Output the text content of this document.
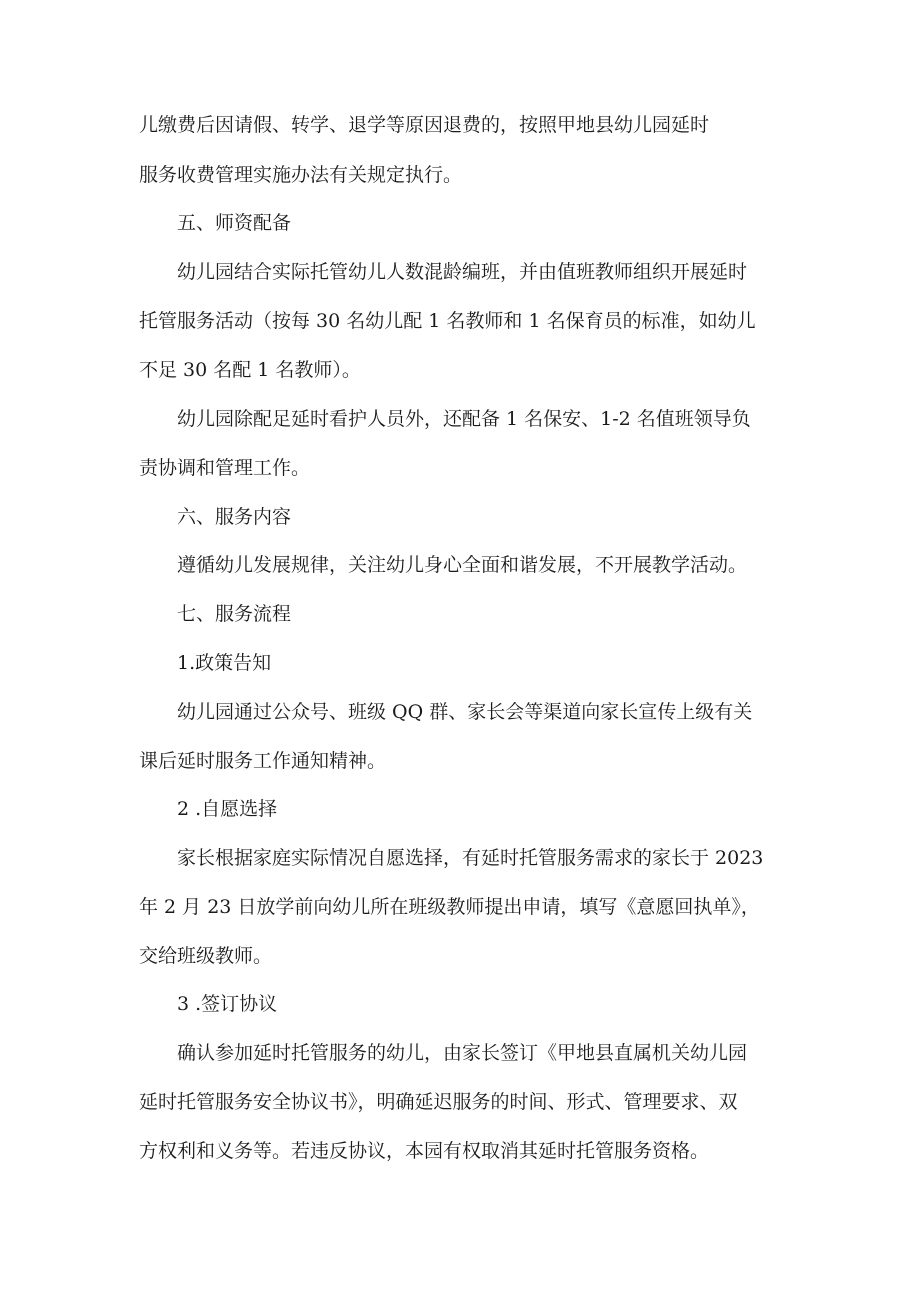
儿缴费后因请假、转学、退学等原因退费的，按照甲地县幼儿园延时
服务收费管理实施办法有关规定执行。
五、师资配备
幼儿园结合实际托管幼儿人数混龄编班，并由值班教师组织开展延时
托管服务活动（按每 30 名幼儿配 1 名教师和 1 名保育员的标准，如幼儿
不足 30 名配 1 名教师）。
幼儿园除配足延时看护人员外，还配备 1 名保安、1-2 名值班领导负
责协调和管理工作。
六、服务内容
遵循幼儿发展规律，关注幼儿身心全面和谐发展，不开展教学活动。
七、服务流程
1.政策告知
幼儿园通过公众号、班级 QQ 群、家长会等渠道向家长宣传上级有关
课后延时服务工作通知精神。
2 .自愿选择
家长根据家庭实际情况自愿选择，有延时托管服务需求的家长于 2023
年 2 月 23 日放学前向幼儿所在班级教师提出申请，填写《意愿回执单》，
交给班级教师。
3 .签订协议
确认参加延时托管服务的幼儿，由家长签订《甲地县直属机关幼儿园
延时托管服务安全协议书》，明确延迟服务的时间、形式、管理要求、双
方权利和义务等。若违反协议，本园有权取消其延时托管服务资格。
